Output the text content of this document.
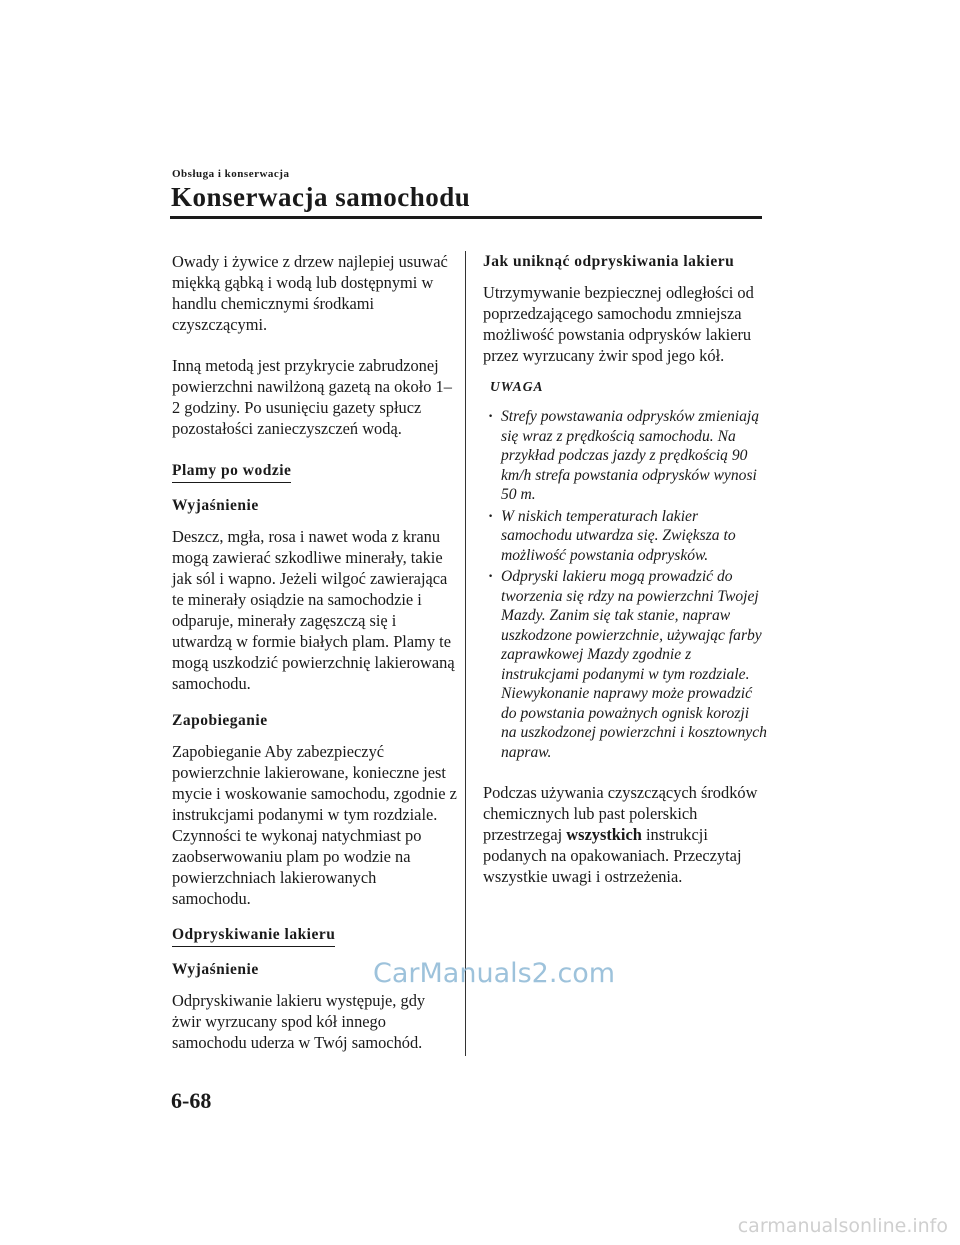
Obsługa i konserwacja
Konserwacja samochodu

Owady i żywice z drzew najlepiej usuwać miękką gąbką i wodą lub dostępnymi w handlu chemicznymi środkami czyszczącymi.

Inną metodą jest przykrycie zabrudzonej powierzchni nawilżoną gazetą na około 1–2 godziny. Po usunięciu gazety spłucz pozostałości zanieczyszczeń wodą.

Plamy po wodzie
Wyjaśnienie

Deszcz, mgła, rosa i nawet woda z kranu mogą zawierać szkodliwe minerały, takie jak sól i wapno. Jeżeli wilgoć zawierająca te minerały osiądzie na samochodzie i odparuje, minerały zagęszczą się i utwardzą w formie białych plam. Plamy te mogą uszkodzić powierzchnię lakierowaną samochodu.

Zapobieganie

Zapobieganie Aby zabezpieczyć powierzchnie lakierowane, konieczne jest mycie i woskowanie samochodu, zgodnie z instrukcjami podanymi w tym rozdziale. Czynności te wykonaj natychmiast po zaobserwowaniu plam po wodzie na powierzchniach lakierowanych samochodu.

Odpryskiwanie lakieru
Wyjaśnienie

Odpryskiwanie lakieru występuje, gdy żwir wyrzucany spod kół innego samochodu uderza w Twój samochód.

Jak uniknąć odpryskiwania lakieru

Utrzymywanie bezpiecznej odległości od poprzedzającego samochodu zmniejsza możliwość powstania odprysków lakieru przez wyrzucany żwir spod jego kół.

UWAGA
· Strefy powstawania odprysków zmieniają się wraz z prędkością samochodu. Na przykład podczas jazdy z prędkością 90 km/h strefa powstania odprysków wynosi 50 m.
· W niskich temperaturach lakier samochodu utwardza się. Zwiększa to możliwość powstania odprysków.
· Odpryski lakieru mogą prowadzić do tworzenia się rdzy na powierzchni Twojej Mazdy. Zanim się tak stanie, napraw uszkodzone powierzchnie, używając farby zaprawkowej Mazdy zgodnie z instrukcjami podanymi w tym rozdziale. Niewykonanie naprawy może prowadzić do powstania poważnych ognisk korozji na uszkodzonej powierzchni i kosztownych napraw.

Podczas używania czyszczących środków chemicznych lub past polerskich przestrzegaj wszystkich instrukcji podanych na opakowaniach. Przeczytaj wszystkie uwagi i ostrzeżenia.

CarManuals2.com
6-68
carmanualsonline.info
